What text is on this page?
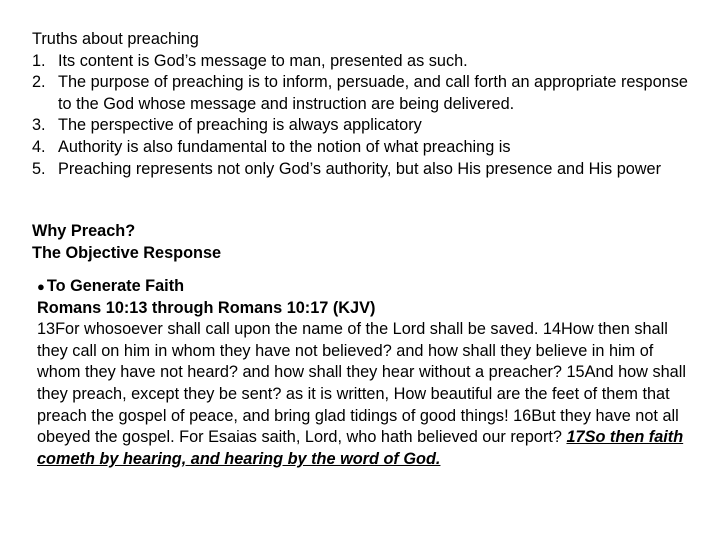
Truths about preaching
1. Its content is God’s message to man, presented as such.
2. The purpose of preaching is to inform, persuade, and call forth an appropriate response to the God whose message and instruction are being delivered.
3. The perspective of preaching is always applicatory
4. Authority is also fundamental to the notion of what preaching is
5. Preaching represents not only God’s authority, but also His presence and His power
Why Preach?
The Objective Response
● To Generate Faith
Romans 10:13 through Romans 10:17 (KJV)
13For whosoever shall call upon the name of the Lord shall be saved. 14How then shall they call on him in whom they have not believed? and how shall they believe in him of whom they have not heard? and how shall they hear without a preacher? 15And how shall they preach, except they be sent? as it is written, How beautiful are the feet of them that preach the gospel of peace, and bring glad tidings of good things! 16But they have not all obeyed the gospel. For Esaias saith, Lord, who hath believed our report? 17So then faith cometh by hearing, and hearing by the word of God.
